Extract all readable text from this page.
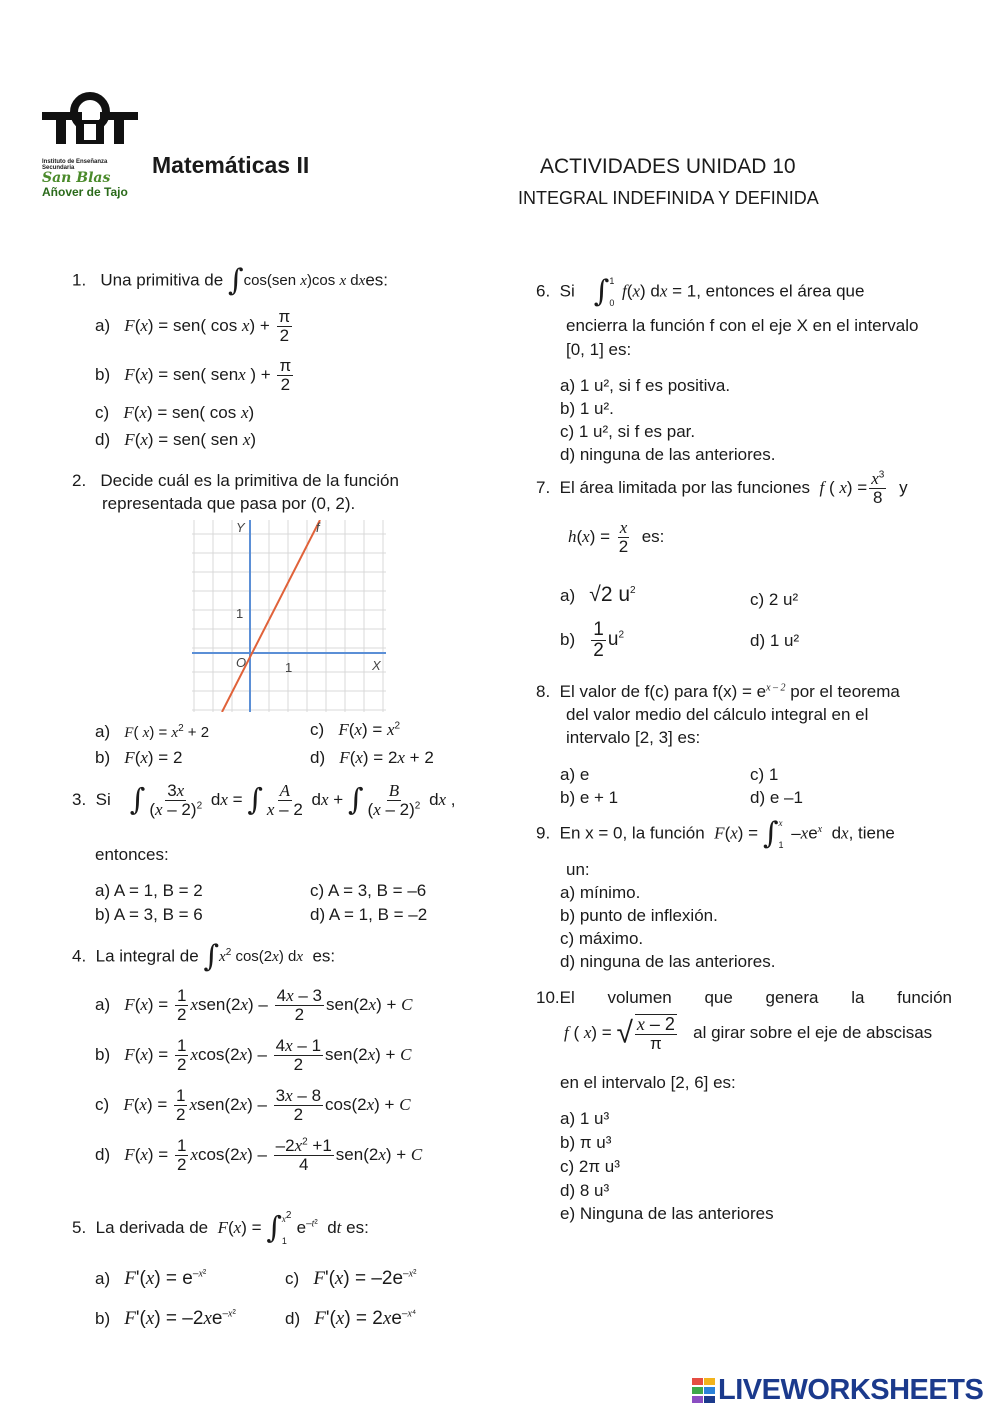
Instituto de Enseñanza Secundaria
San Blas
Añover de Tajo
Matemáticas II	ACTIVIDADES UNIDAD 10
INTEGRAL INDEFINIDA Y DEFINIDA
1. Una primitiva de ∫cos(sen x)cos x dxes:
a) F(x) = sen( $\cos x) + \frac{\pi}{2}$
b) F(x) = sen( senx ) + $\frac{\pi}{2}$
c) F(x) = sen( cos x)
d) F(x) = sen( sen x)
2. Decide cuál es la primitiva de la función
representada que pasa por (0, 2).
Y	f
1
O	1	X
a) F( $x) = x^2 + 2$	c) $F(x) = x^2$
b) F(x) = 2	d) F(x) = 2x + 2
3. Si ∫ $\frac{3x}{(x - 2)^2}$ dx = ∫ $\frac{A}{x - 2}$ dx + ∫ $\frac{B}{(x - 2)^2}$ dx ,
entonces:
a) A = 1, B = 2	c) A = 3, B = –6
b) A = 3, B = 6	d) A = 1, B = –2
4. La integral de $\int x^2$ cos(2x) dx es:
a) $F(x) = \frac{1}{2}$ xsen(2x) – $\frac{4x - 3}{2} sen(2x) + C$
b) $F(x) = \frac{1}{2} xcos(2x) - \frac{4x - 1}{2} sen(2x) + C$
c) $F(x) = \frac{1}{2}$ xsen(2x) – $\frac{3x - 8}{2} \cos(2x) + C$
d) $F(x) = \frac{1}{2} xcos(2x) - \frac{-2x^2 +1}{4} sen(2x) + C$
5. La derivada de F(x) = ∫ $x^2$
1
$e^{-t^2}$  dt es:
a) $F'(x) = e^{-x^2}$	c) $F'(x) = -2e^{-x^2}$
b) $F'(x) = -2xe^{-x^2}$	d) $F'(x) = 2xe^{-x^4}$
6. Si ∫ 1
0
f(x) dx = 1, entonces el área que
encierra la función f con el eje X en el intervalo
[0, 1] es:
a) 1 u², si f es positiva.
b) 1 u².
c) 1 u², si f es par.
d) ninguna de las anteriores.
7. El área limitada por las funciones f ( $x) = \frac{x^3}{8}$ y
$h(x) = \frac{x}{2}$ es:
a) √2 $u^2$	c) 2 u²
$b) \frac{1}{2} u^2$	d) 1 u²
8. El valor de f(c) para $f(x) = e^{x - 2}$ por el teorema
del valor medio del cálculo integral en el
intervalo [2, 3] es:
a) e	c) 1
b) e + 1	d) e –1
9. En x = 0, la función F(x) = ∫ x
1
$-xe^x$  dx, tiene
un:
a) mínimo.
b) punto de inflexión.
c) máximo.
d) ninguna de las anteriores.
10. El volumen que genera la función
f ( x) = √ $\frac{x - 2}{\pi}$ al girar sobre el eje de abscisas
en el intervalo [2, 6] es:
a) 1 u³
b) π u³
c) 2π u³
d) 8 u³
e) Ninguna de las anteriores
LIVEWORKSHEETS
